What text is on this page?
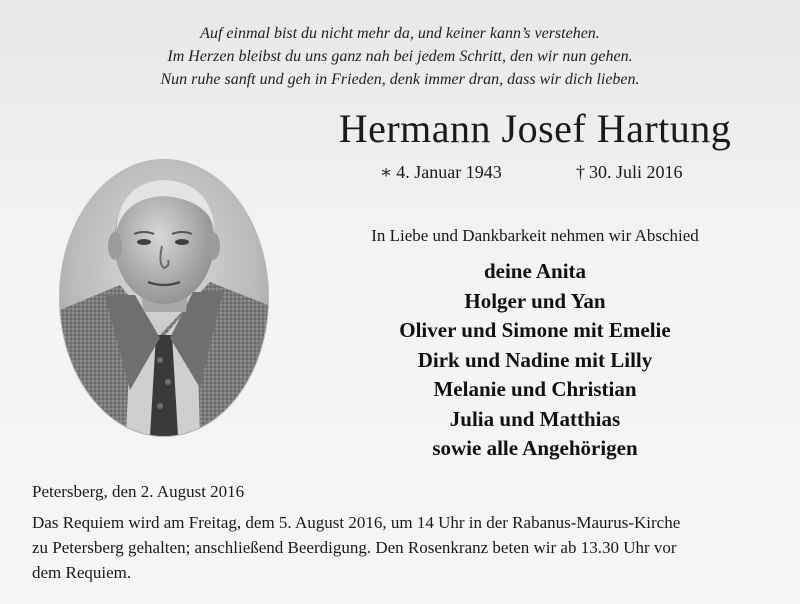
Auf einmal bist du nicht mehr da, und keiner kann’s verstehen.
Im Herzen bleibst du uns ganz nah bei jedem Schritt, den wir nun gehen.
Nun ruhe sanft und geh in Frieden, denk immer dran, dass wir dich lieben.
Hermann Josef Hartung
∗ 4. Januar 1943	† 30. Juli 2016
In Liebe und Dankbarkeit nehmen wir Abschied
deine Anita
Holger und Yan
Oliver und Simone mit Emelie
Dirk und Nadine mit Lilly
Melanie und Christian
Julia und Matthias
sowie alle Angehörigen
Petersberg, den 2. August 2016
Das Requiem wird am Freitag, dem 5. August 2016, um 14 Uhr in der Rabanus-Maurus-Kirche
zu Petersberg gehalten; anschließend Beerdigung. Den Rosenkranz beten wir ab 13.30 Uhr vor
dem Requiem.
